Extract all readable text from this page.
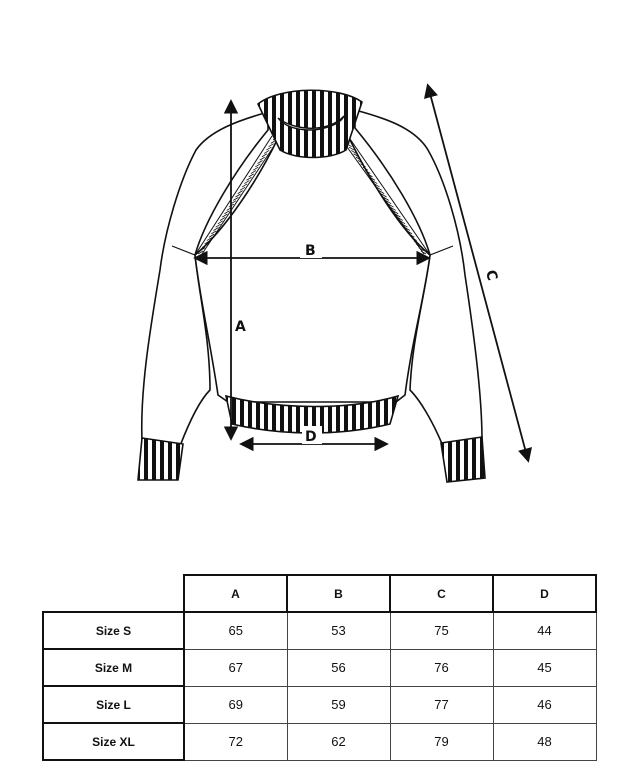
B
A
D
C
	A	B	C	D
Size S	65	53	75	44
Size M	67	56	76	45
Size L	69	59	77	46
Size XL	72	62	79	48
